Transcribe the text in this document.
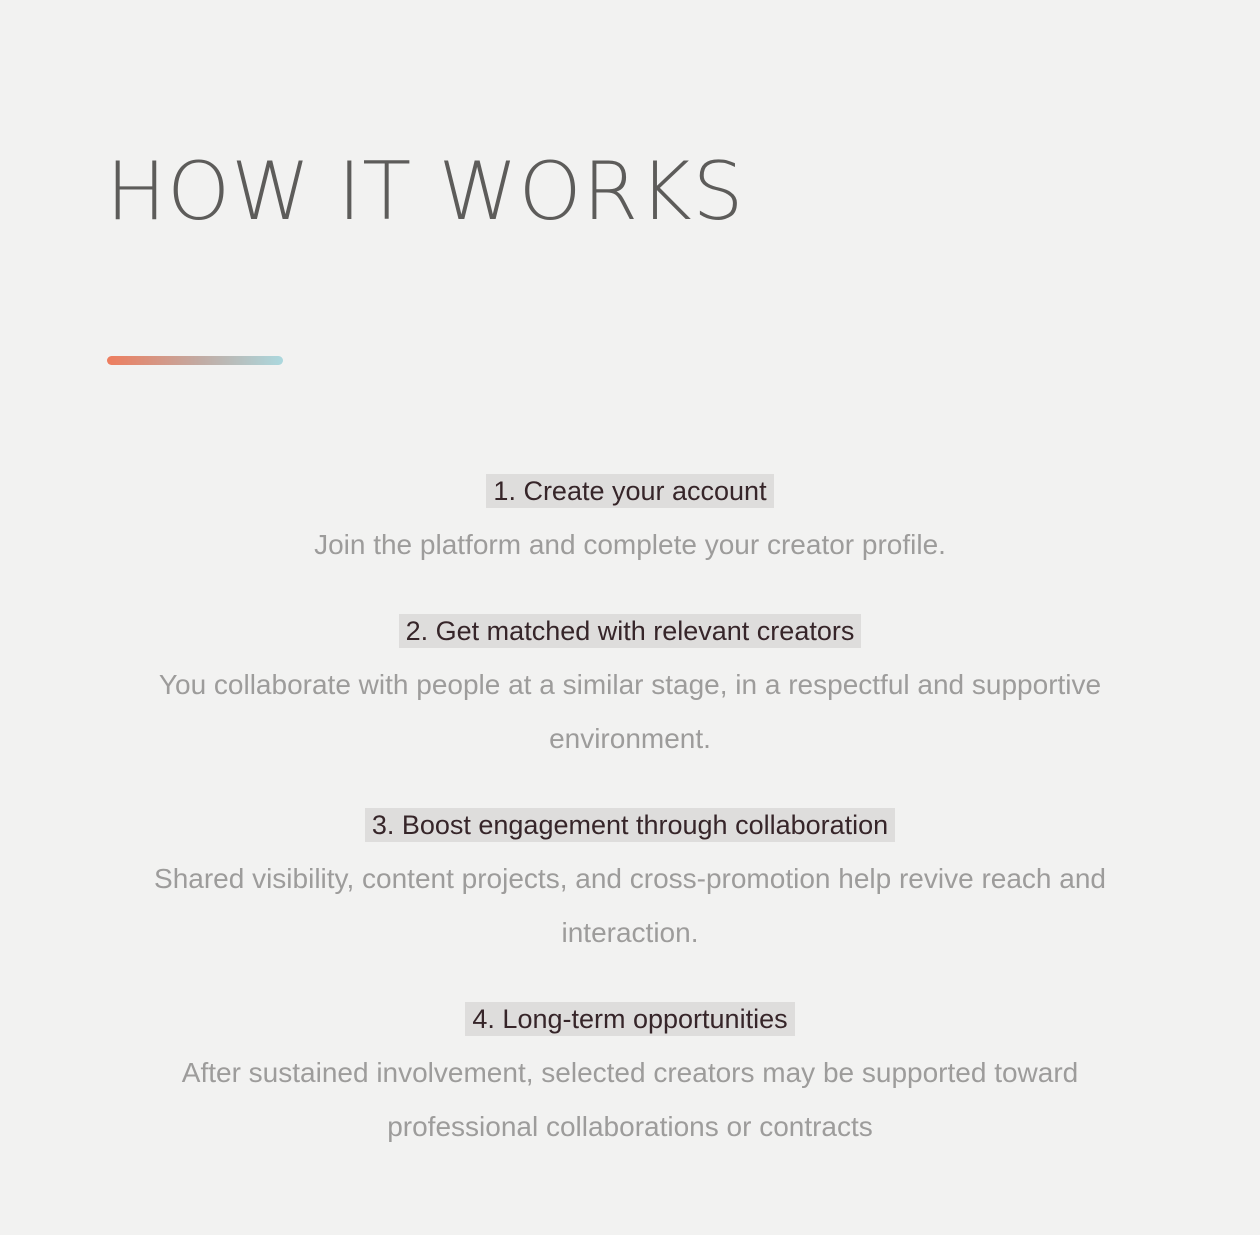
HOW IT WORKS
1. Create your account
Join the platform and complete your creator profile.
2. Get matched with relevant creators
You collaborate with people at a similar stage, in a respectful and supportive environment.
3. Boost engagement through collaboration
Shared visibility, content projects, and cross-promotion help revive reach and interaction.
4. Long-term opportunities
After sustained involvement, selected creators may be supported toward professional collaborations or contracts
